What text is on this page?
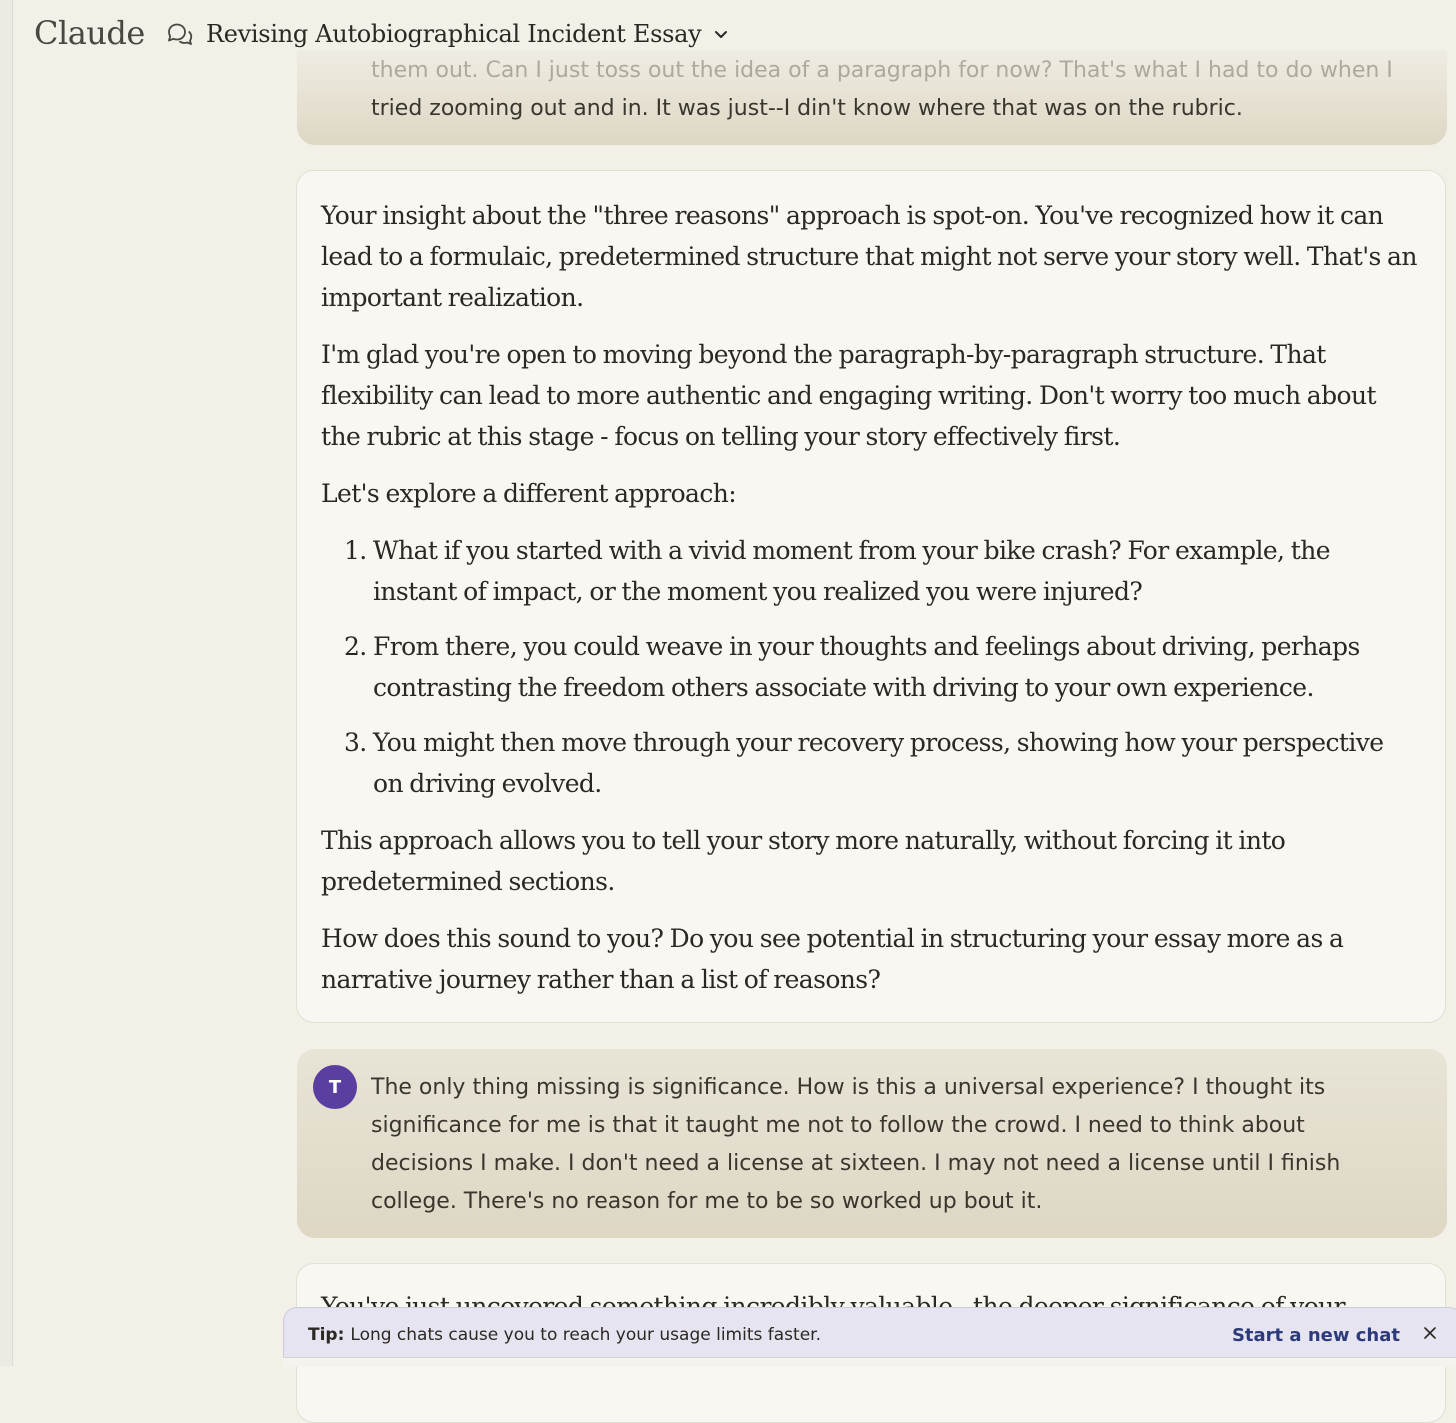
them out. Can I just toss out the idea of a paragraph for now? That's what I had to do when I
tried zooming out and in. It was just--I din't know where that was on the rubric.

Claude	Revising Autobiographical Incident Essay

Your insight about the "three reasons" approach is spot-on. You've recognized how it can lead to a formulaic, predetermined structure that might not serve your story well. That's an important realization.

I'm glad you're open to moving beyond the paragraph-by-paragraph structure. That flexibility can lead to more authentic and engaging writing. Don't worry too much about the rubric at this stage - focus on telling your story effectively first.

Let's explore a different approach:

1. What if you started with a vivid moment from your bike crash? For example, the instant of impact, or the moment you realized you were injured?
2. From there, you could weave in your thoughts and feelings about driving, perhaps contrasting the freedom others associate with driving to your own experience.
3. You might then move through your recovery process, showing how your perspective on driving evolved.

This approach allows you to tell your story more naturally, without forcing it into predetermined sections.

How does this sound to you? Do you see potential in structuring your essay more as a narrative journey rather than a list of reasons?

T	The only thing missing is significance. How is this a universal experience? I thought its significance for me is that it taught me not to follow the crowd. I need to think about decisions I make. I don't need a license at sixteen. I may not need a license until I finish college. There's no reason for me to be so worked up bout it.

Tip: Long chats cause you to reach your usage limits faster.	Start a new chat
